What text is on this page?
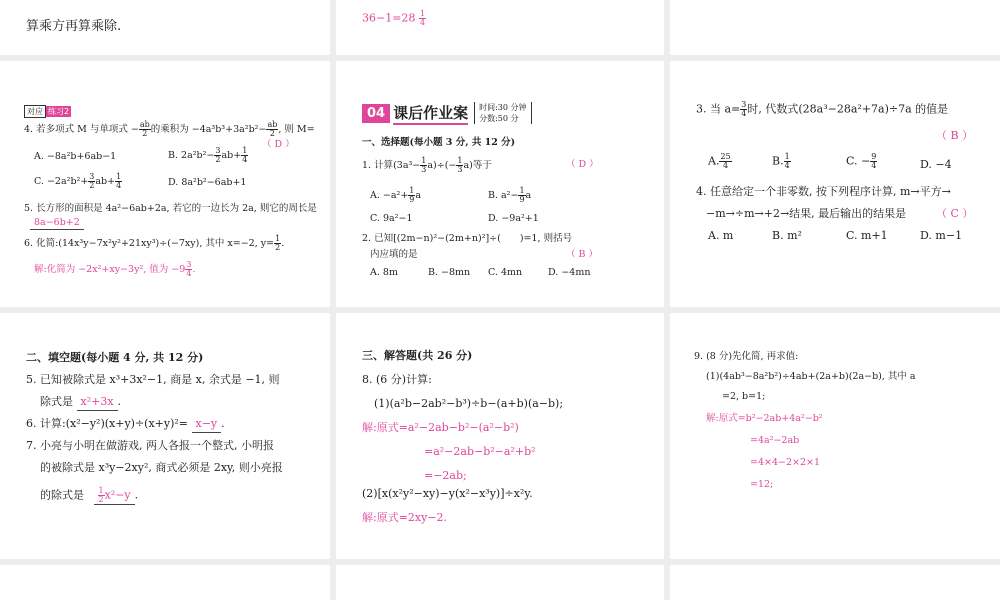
算乘方再算乘除.
$36-1=28 \frac{1}{4}$
对应 练习2
4. 若多项式 M 与单项式 − $\frac{ab}{2}$ 的乘积为 $-4a^3b^3+3a^2b^2- \frac{ab}{2}$ , 则 M=
（ D ）
A. −8a²b+6ab−1	B. $2a^2b^2- \frac{3}{2} ab+ \frac{1}{4}$
C. $-2a^2b^2+ \frac{3}{2} ab+ \frac{1}{4}$	D. 8a²b²−6ab+1
5. 长方形的面积是 4a²−6ab+2a, 若它的一边长为 2a, 则它的周长是
8a−6b+2
6. 化简:(14x³y−7x²y²+21xy³)÷(−7xy), 其中 x=−2, $y= \frac{1}{2}$ .
解:化简为 −2x²+xy−3y², 值为 $-9 \frac{3}{4}$ .
04 课后作业案 时间:30 分钟
分数:50 分
一、选择题(每小题 3 分, 共 12 分)
1. 计算$(3a^3- \frac{1}{3} a)\div(- \frac{1}{3} a)$等于	（ D ）
A. $-a^2+ \frac{1}{9}$ a	B. $a^2- \frac{1}{9}$ a
C. 9a²−1	D. −9a²+1
2. 已知[(2m−n)²−(2m+n)²]÷(　　)=1, 则括号
内应填的是	（ B ）
A. 8m	B. −8mn C. 4mn	D. −4mn
3. 当 $a= \frac{3}{4}$ 时, 代数式(28a³−28a²+7a)÷7a 的值是
（ B ）
A. $\frac{25}{4}$	B. $\frac{1}{4}$	C. − $\frac{9}{4}$	D. −4
4. 任意给定一个非零数, 按下列程序计算, m→平方→
−m→÷m→+2→结果, 最后输出的结果是	（ C ）
A. m	B. m²	C. m+1	D. m−1
二、填空题(每小题 4 分, 共 12 分)
5. 已知被除式是 x³+3x²−1, 商是 x, 余式是 −1, 则
除式是 x²+3x .
6. 计算:(x²−y²)(x+y)÷(x+y)²= x−y .
7. 小亮与小明在做游戏, 两人各报一个整式, 小明报
的被除式是 x³y−2xy², 商式必须是 2xy, 则小亮报
的除式是 $\frac{1}{2} x^2-y$ .
三、解答题(共 26 分)
8. (6 分)计算:
(1)(a²b−2ab²−b³)÷b−(a+b)(a−b);
解:原式=a²−2ab−b²−(a²−b²)
=a²−2ab−b²−a²+b²
=−2ab;
(2)[x(x²y²−xy)−y(x²−x³y)]÷x²y.
解:原式=2xy−2.
9. (8 分)先化简, 再求值:
(1)(4ab³−8a²b²)÷4ab+(2a+b)(2a−b), 其中 a
=2, b=1;
解:原式=b²−2ab+4a²−b²
=4a²−2ab
=4×4−2×2×1
=12;
